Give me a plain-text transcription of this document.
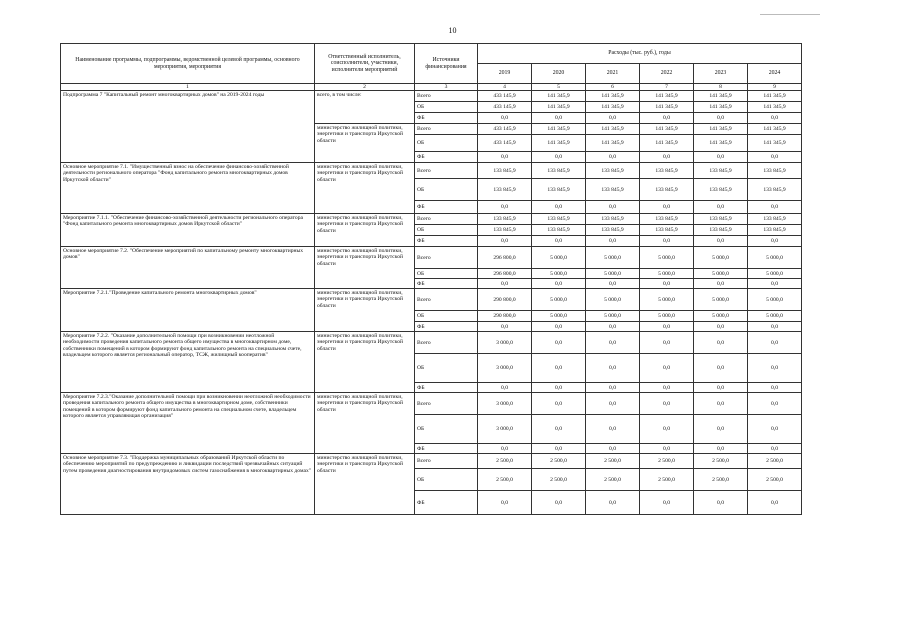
10
Наименование программы, подпрограммы, ведомственной целевой программы, основного мероприятия, мероприятия	Ответственный исполнитель, соисполнители, участники, исполнители мероприятий	Источники финансирования	Расходы (тыс. руб.), годы					
			2019	2020	2021	2022	2023	2024
1	2	3	4	5	6	7	8	9
Подпрограмма 7 "Капитальный ремонт многоквартирных домов" на 2019-2024 годы	всего, в том числе:	Всего	433 145,9	141 345,9	141 345,9	141 345,9	141 345,9	141 345,9
		ОБ	433 145,9	141 345,9	141 345,9	141 345,9	141 345,9	141 345,9
		ФБ	0,0	0,0	0,0	0,0	0,0	0,0
	министерство жилищной политики, энергетики и транспорта Иркутской области	Всего	433 145,9	141 345,9	141 345,9	141 345,9	141 345,9	141 345,9
		ОБ	433 145,9	141 345,9	141 345,9	141 345,9	141 345,9	141 345,9
		ФБ	0,0	0,0	0,0	0,0	0,0	0,0
Основное мероприятие 7.1. "Имущественный взнос на обеспечение финансово-хозяйственной деятельности регионального оператора "Фонд капитального ремонта многоквартирных домов Иркутской области"	министерство жилищной политики, энергетики и транспорта Иркутской области	Всего	133 845,9	133 845,9	133 845,9	133 845,9	133 845,9	133 845,9
		ОБ	133 845,9	133 845,9	133 845,9	133 845,9	133 845,9	133 845,9
		ФБ	0,0	0,0	0,0	0,0	0,0	0,0
Мероприятие 7.1.1. "Обеспечение финансово-хозяйственной деятельности регионального оператора "Фонд капитального ремонта многоквартирных домов Иркутской области"	министерство жилищной политики, энергетики и транспорта Иркутской области	Всего	133 845,9	133 845,9	133 845,9	133 845,9	133 845,9	133 845,9
		ОБ	133 845,9	133 845,9	133 845,9	133 845,9	133 845,9	133 845,9
		ФБ	0,0	0,0	0,0	0,0	0,0	0,0
Основное мероприятие 7.2. "Обеспечение мероприятий по капитальному ремонту многоквартирных домов"	министерство жилищной политики, энергетики и транспорта Иркутской области	Всего	296 800,0	5 000,0	5 000,0	5 000,0	5 000,0	5 000,0
		ОБ	296 800,0	5 000,0	5 000,0	5 000,0	5 000,0	5 000,0
		ФБ	0,0	0,0	0,0	0,0	0,0	0,0
Мероприятие 7.2.1."Проведение капитального ремонта многоквартирных домов"	министерство жилищной политики, энергетики и транспорта Иркутской области	Всего	290 800,0	5 000,0	5 000,0	5 000,0	5 000,0	5 000,0
		ОБ	290 800,0	5 000,0	5 000,0	5 000,0	5 000,0	5 000,0
		ФБ	0,0	0,0	0,0	0,0	0,0	0,0
Мероприятие 7.2.2. "Оказание дополнительной помощи при возникновении неотложной необходимости проведения капитального ремонта общего имущества в многоквартирном доме, собственники помещений в котором формируют фонд капитального ремонта на специальном счете, владельцем которого является региональный оператор, ТСЖ, жилищный кооператив"	министерство жилищной политики, энергетики и транспорта Иркутской области	Всего	3 000,0	0,0	0,0	0,0	0,0	0,0
		ОБ	3 000,0	0,0	0,0	0,0	0,0	0,0
		ФБ	0,0	0,0	0,0	0,0	0,0	0,0
Мероприятие 7.2.3."Оказание дополнительной помощи при возникновении неотложной необходимости проведения капитального ремонта общего имущества в многоквартирном доме, собственники помещений в котором формируют фонд капитального ремонта на специальном счете, владельцем которого является управляющая организация"	министерство жилищной политики, энергетики и транспорта Иркутской области	Всего	3 000,0	0,0	0,0	0,0	0,0	0,0
		ОБ	3 000,0	0,0	0,0	0,0	0,0	0,0
		ФБ	0,0	0,0	0,0	0,0	0,0	0,0
Основное мероприятие 7.3. "Поддержка муниципальных образований Иркутской области по обеспечению мероприятий по предупреждению и ликвидации последствий чрезвычайных ситуаций путем проведения диагностирования внутридомовых систем газоснабжения в многоквартирных домах"	министерство жилищной политики, энергетики и транспорта Иркутской области	Всего	2 500,0	2 500,0	2 500,0	2 500,0	2 500,0	2 500,0
		ОБ	2 500,0	2 500,0	2 500,0	2 500,0	2 500,0	2 500,0
		ФБ	0,0	0,0	0,0	0,0	0,0	0,0
